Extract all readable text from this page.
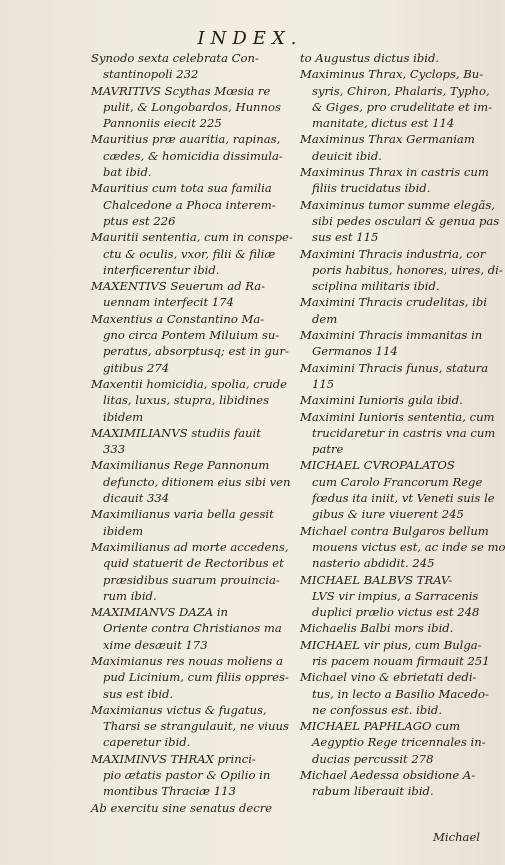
INDEX.
Synodo sexta celebrata Con-
stantinopoli 232
MAVRITIVS Scythas Mœsia re
pulit, & Longobardos, Hunnos
Pannoniis eiecit 225
Mauritius præ auaritia, rapinas,
cædes, & homicidia dissimula-
bat ibid.
Mauritius cum tota sua familia
Chalcedone a Phoca interem-
ptus est 226
Mauritii sententia, cum in conspe-
ctu & oculis, vxor, filii & filiæ
interficerentur ibid.
MAXENTIVS Seuerum ad Ra-
uennam interfecit 174
Maxentius a Constantino Ma-
gno circa Pontem Miluium su-
peratus, absorptusq; est in gur-
gitibus 274
Maxentii homicidia, spolia, crude
litas, luxus, stupra, libidines
ibidem
MAXIMILIANVS studiis fauit
333
Maximilianus Rege Pannonum
defuncto, ditionem eius sibi ven
dicauit 334
Maximilianus varia bella gessit
ibidem
Maximilianus ad morte accedens,
quid statuerit de Rectoribus et
præsidibus suarum prouincia-
rum ibid.
MAXIMIANVS DAZA in
Oriente contra Christianos ma
xime desæuit 173
Maximianus res nouas moliens a
pud Licinium, cum filiis oppres-
sus est ibid.
Maximianus victus & fugatus,
Tharsi se strangulauit, ne viuus
caperetur ibid.
MAXIMINVS THRAX princi-
pio ætatis pastor & Opilio in
montibus Thraciæ 113
Ab exercitu sine senatus decre
to Augustus dictus ibid.
Maximinus Thrax, Cyclops, Bu-
syris, Chiron, Phalaris, Typho,
& Giges, pro crudelitate et im-
manitate, dictus est 114
Maximinus Thrax Germaniam
deuicit ibid.
Maximinus Thrax in castris cum
filiis trucidatus ibid.
Maximinus tumor summe elegãs,
sibi pedes osculari & genua pas
sus est 115
Maximini Thracis industria, cor
poris habitus, honores, uires, di-
sciplina militaris ibid.
Maximini Thracis crudelitas, ibi
dem
Maximini Thracis immanitas in
Germanos 114
Maximini Thracis funus, statura
115
Maximini Iunioris gula ibid.
Maximini Iunioris sententia, cum
trucidaretur in castris vna cum
patre
MICHAEL CVROPALATOS
cum Carolo Francorum Rege
fœdus ita iniit, vt Veneti suis le
gibus & iure viuerent 245
Michael contra Bulgaros bellum
mouens victus est, ac inde se mo
nasterio abdidit. 245
MICHAEL BALBVS TRAV-
LVS vir impius, a Sarracenis
duplici prælio victus est 248
Michaelis Balbi mors ibid.
MICHAEL vir pius, cum Bulga-
ris pacem nouam firmauit 251
Michael vino & ebrietati dedi-
tus, in lecto a Basilio Macedo-
ne confossus est. ibid.
MICHAEL PAPHLAGO cum
Aegyptio Rege tricennales in-
ducias percussit 278
Michael Aedessa obsidione A-
rabum liberauit ibid.
Michael
